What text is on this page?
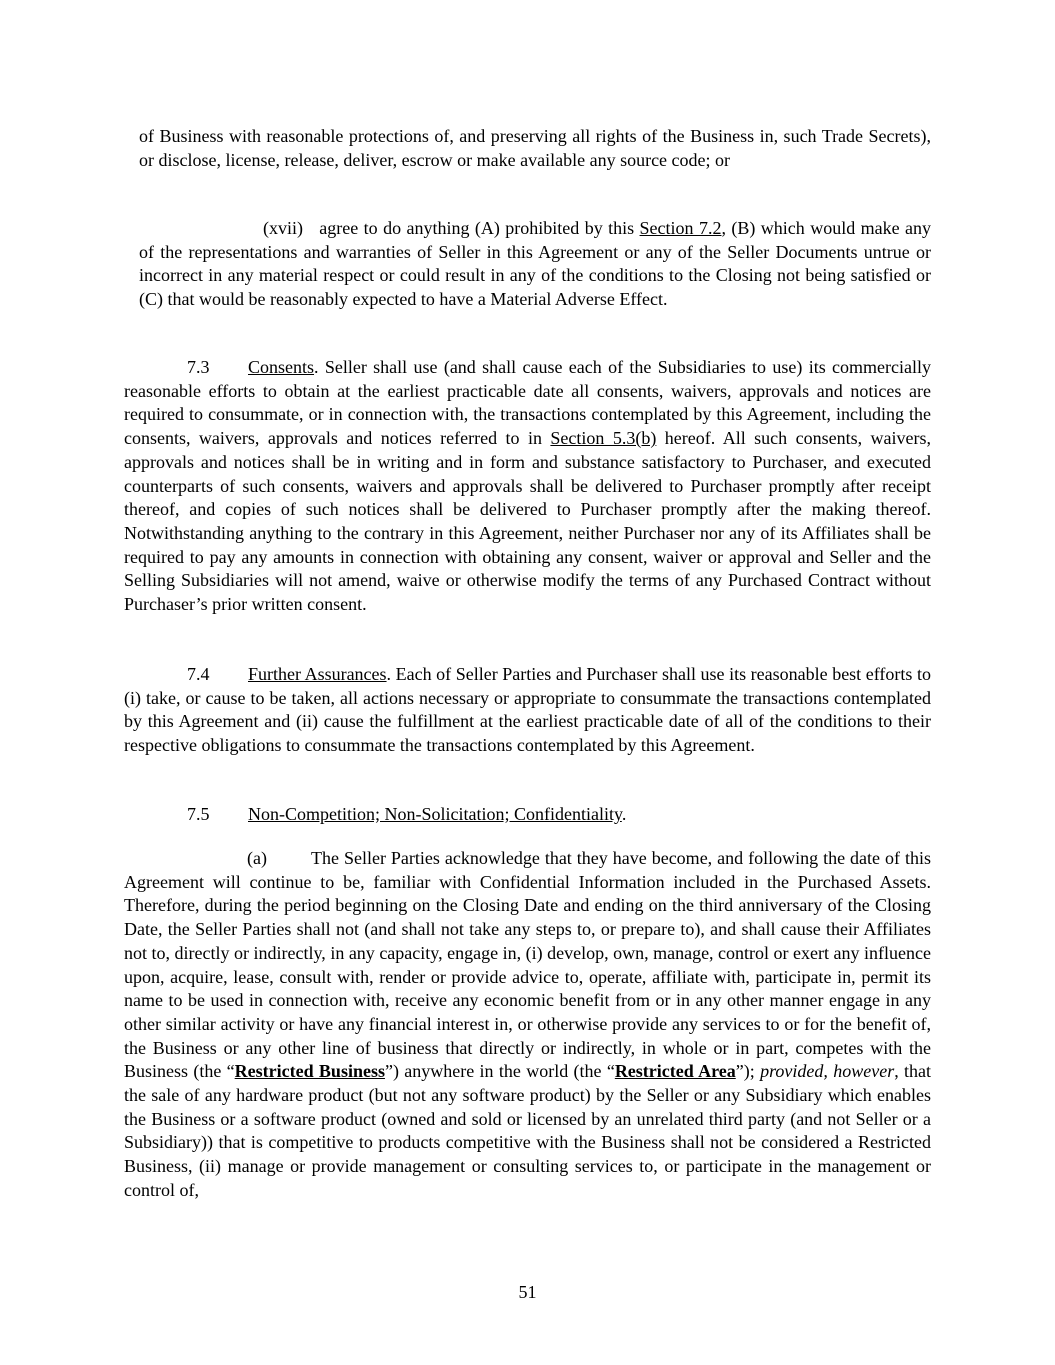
of Business with reasonable protections of, and preserving all rights of the Business in, such Trade Secrets), or disclose, license, release, deliver, escrow or make available any source code; or

(xvii) agree to do anything (A) prohibited by this Section 7.2, (B) which would make any of the representations and warranties of Seller in this Agreement or any of the Seller Documents untrue or incorrect in any material respect or could result in any of the conditions to the Closing not being satisfied or (C) that would be reasonably expected to have a Material Adverse Effect.

7.3 Consents. Seller shall use (and shall cause each of the Subsidiaries to use) its commercially reasonable efforts to obtain at the earliest practicable date all consents, waivers, approvals and notices are required to consummate, or in connection with, the transactions contemplated by this Agreement, including the consents, waivers, approvals and notices referred to in Section 5.3(b) hereof. All such consents, waivers, approvals and notices shall be in writing and in form and substance satisfactory to Purchaser, and executed counterparts of such consents, waivers and approvals shall be delivered to Purchaser promptly after receipt thereof, and copies of such notices shall be delivered to Purchaser promptly after the making thereof. Notwithstanding anything to the contrary in this Agreement, neither Purchaser nor any of its Affiliates shall be required to pay any amounts in connection with obtaining any consent, waiver or approval and Seller and the Selling Subsidiaries will not amend, waive or otherwise modify the terms of any Purchased Contract without Purchaser’s prior written consent.

7.4 Further Assurances. Each of Seller Parties and Purchaser shall use its reasonable best efforts to (i) take, or cause to be taken, all actions necessary or appropriate to consummate the transactions contemplated by this Agreement and (ii) cause the fulfillment at the earliest practicable date of all of the conditions to their respective obligations to consummate the transactions contemplated by this Agreement.

7.5 Non-Competition; Non-Solicitation; Confidentiality.

(a) The Seller Parties acknowledge that they have become, and following the date of this Agreement will continue to be, familiar with Confidential Information included in the Purchased Assets. Therefore, during the period beginning on the Closing Date and ending on the third anniversary of the Closing Date, the Seller Parties shall not (and shall not take any steps to, or prepare to), and shall cause their Affiliates not to, directly or indirectly, in any capacity, engage in, (i) develop, own, manage, control or exert any influence upon, acquire, lease, consult with, render or provide advice to, operate, affiliate with, participate in, permit its name to be used in connection with, receive any economic benefit from or in any other manner engage in any other similar activity or have any financial interest in, or otherwise provide any services to or for the benefit of, the Business or any other line of business that directly or indirectly, in whole or in part, competes with the Business (the “Restricted Business”) anywhere in the world (the “Restricted Area”); provided, however, that the sale of any hardware product (but not any software product) by the Seller or any Subsidiary which enables the Business or a software product (owned and sold or licensed by an unrelated third party (and not Seller or a Subsidiary)) that is competitive to products competitive with the Business shall not be considered a Restricted Business, (ii) manage or provide management or consulting services to, or participate in the management or control of,

51
